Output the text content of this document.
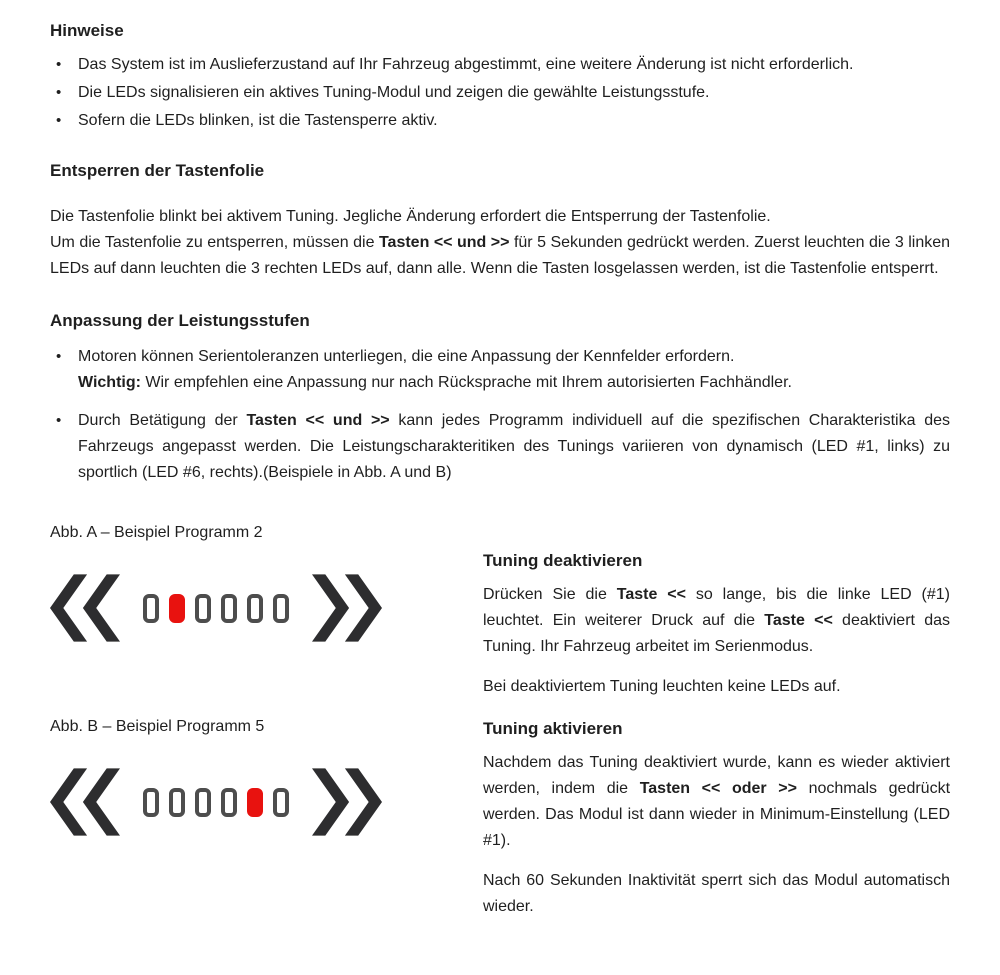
Hinweise
•	Das System ist im Auslieferzustand auf Ihr Fahrzeug abgestimmt, eine weitere Änderung ist nicht erforderlich.
•	Die LEDs signalisieren ein aktives Tuning-Modul und zeigen die gewählte Leistungsstufe.
•	Sofern die LEDs blinken, ist die Tastensperre aktiv.
Entsperren der Tastenfolie

Die Tastenfolie blinkt bei aktivem Tuning. Jegliche Änderung erfordert die Entsperrung der Tastenfolie.

Um die Tastenfolie zu entsperren, müssen die Tasten << und >> für 5 Sekunden gedrückt werden. Zuerst leuchten die 3 linken LEDs auf dann leuchten die 3 rechten LEDs auf, dann alle. Wenn die Tasten losgelassen werden, ist die Tastenfolie entsperrt.

Anpassung der Leistungsstufen
•	Motoren können Serientoleranzen unterliegen, die eine Anpassung der Kennfelder erfordern.
Wichtig: Wir empfehlen eine Anpassung nur nach Rücksprache mit Ihrem autorisierten Fachhändler.
•	Durch Betätigung der Tasten << und >> kann jedes Programm individuell auf die spezifischen Charakteristika des Fahrzeugs angepasst werden. Die Leistungscharakteritiken des Tunings variieren von dynamisch (LED #1, links) zu sportlich (LED #6, rechts).(Beispiele in Abb. A und B)
Abb. A – Beispiel Programm 2
Abb. B – Beispiel Programm 5
Tuning deaktivieren

Drücken Sie die Taste << so lange, bis die linke LED (#1) leuchtet. Ein weiterer Druck auf die Taste << deaktiviert das Tuning. Ihr Fahrzeug arbeitet im Serienmodus.

Bei deaktiviertem Tuning leuchten keine LEDs auf.

Tuning aktivieren

Nachdem das Tuning deaktiviert wurde, kann es wieder aktiviert werden, indem die Tasten << oder >> nochmals gedrückt werden. Das Modul ist dann wieder in Minimum-Einstellung (LED #1).

Nach 60 Sekunden Inaktivität sperrt sich das Modul automatisch wieder.
